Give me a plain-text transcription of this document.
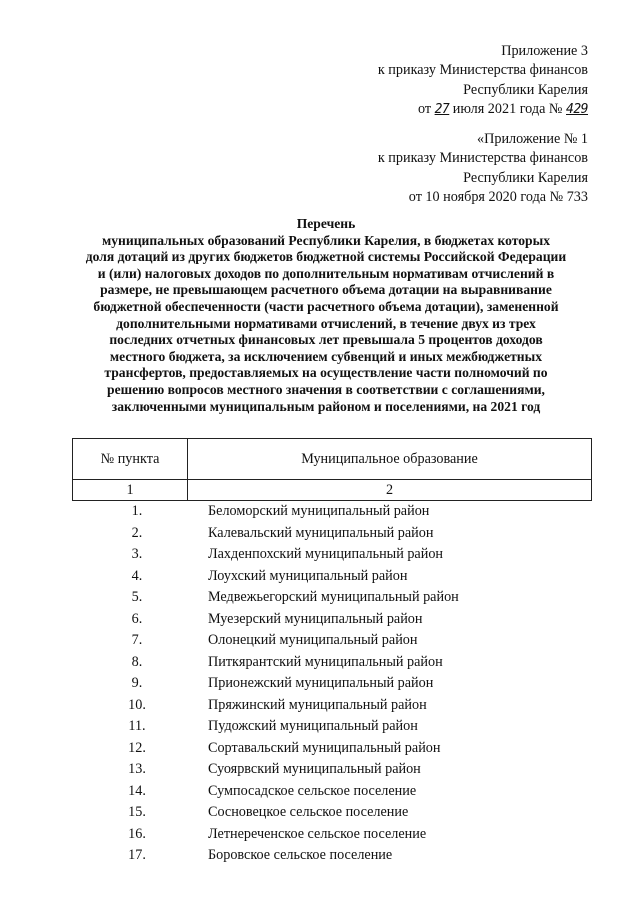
Приложение 3
к приказу Министерства финансов
Республики Карелия
от 27 июля 2021 года № 429
«Приложение № 1
к приказу Министерства финансов
Республики Карелия
от 10 ноября 2020 года № 733
Перечень
муниципальных образований Республики Карелия, в бюджетах которых
доля дотаций из других бюджетов бюджетной системы Российской Федерации
и (или) налоговых доходов по дополнительным нормативам отчислений в
размере, не превышающем расчетного объема дотации на выравнивание
бюджетной обеспеченности (части расчетного объема дотации), замененной
дополнительными нормативами отчислений, в течение двух из трех
последних отчетных финансовых лет превышала 5 процентов доходов
местного бюджета, за исключением субвенций и иных межбюджетных
трансфертов, предоставляемых на осуществление части полномочий по
решению вопросов местного значения в соответствии с соглашениями,
заключенными муниципальным районом и поселениями, на 2021 год
№ пункта	Муниципальное образование
1	2
1.	Беломорский муниципальный район
2.	Калевальский муниципальный район
3.	Лахденпохский муниципальный район
4.	Лоухский муниципальный район
5.	Медвежьегорский муниципальный район
6.	Муезерский муниципальный район
7.	Олонецкий муниципальный район
8.	Питкярантский муниципальный район
9.	Прионежский муниципальный район
10.	Пряжинский муниципальный район
11.	Пудожский муниципальный район
12.	Сортавальский муниципальный район
13.	Суоярвский муниципальный район
14.	Сумпосадское сельское поселение
15.	Сосновецкое сельское поселение
16.	Летнереченское сельское поселение
17.	Боровское сельское поселение
